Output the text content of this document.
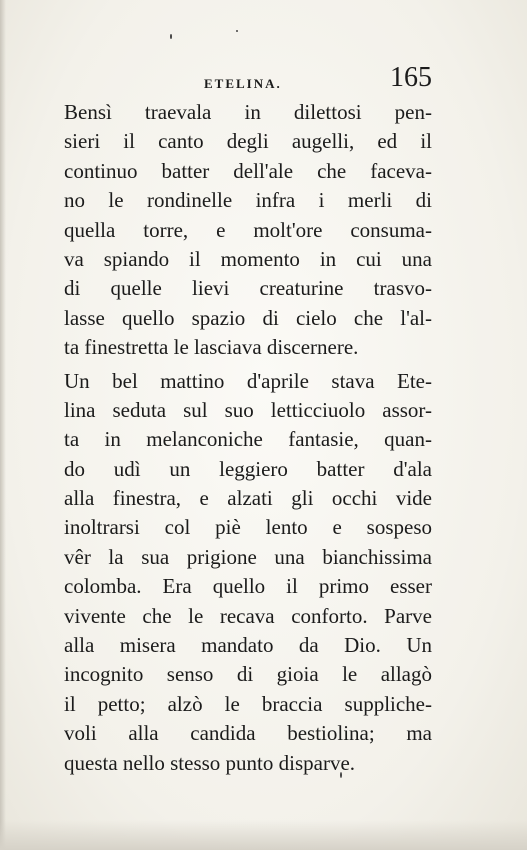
ETELINA.	165
Bensì traevala in dilettosi pen-
sieri il canto degli augelli, ed il
continuo batter dell'ale che faceva-
no le rondinelle infra i merli di
quella torre, e molt'ore consuma-
va spiando il momento in cui una
di quelle lievi creaturine trasvo-
lasse quello spazio di cielo che l'al-
ta finestretta le lasciava discernere.
Un bel mattino d'aprile stava Ete-
lina seduta sul suo letticciuolo assor-
ta in melanconiche fantasie, quan-
do udì un leggiero batter d'ala
alla finestra, e alzati gli occhi vide
inoltrarsi col piè lento e sospeso
vêr la sua prigione una bianchissima
colomba. Era quello il primo esser
vivente che le recava conforto. Parve
alla misera mandato da Dio. Un
incognito senso di gioia le allagò
il petto; alzò le braccia suppliche-
voli alla candida bestiolina; ma
questa nello stesso punto disparve.
